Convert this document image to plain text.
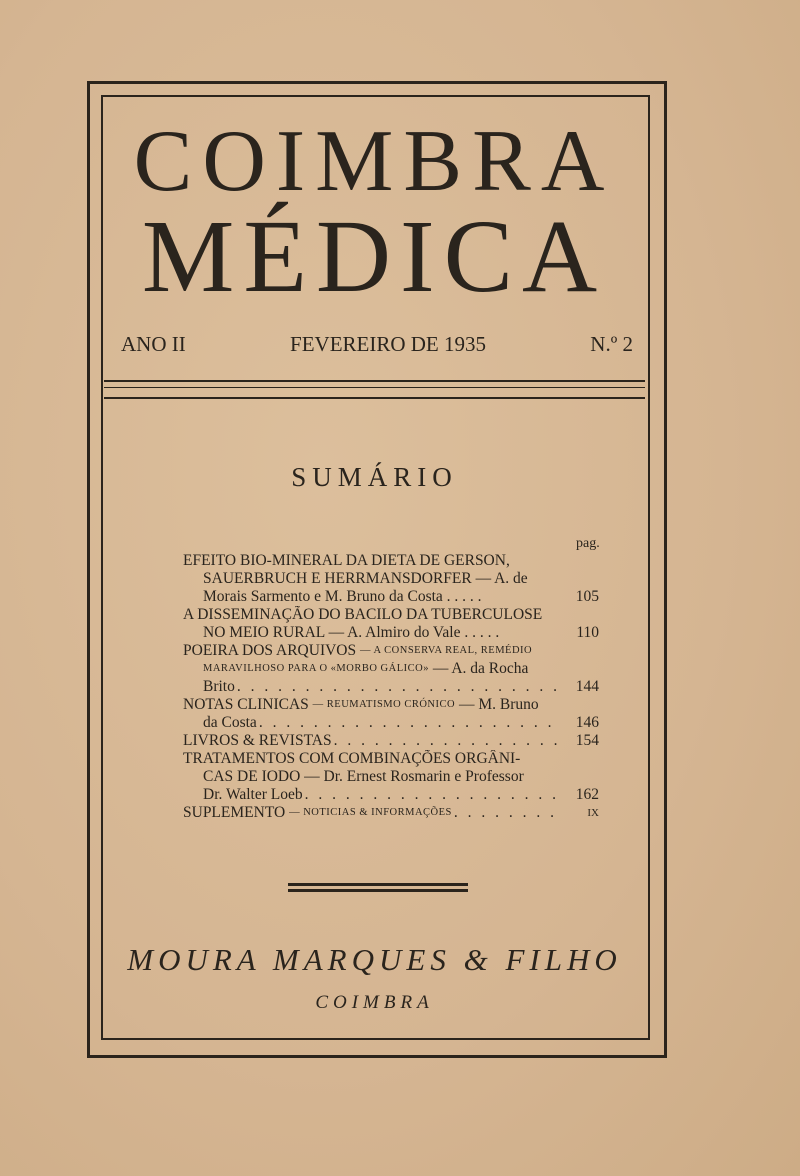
COIMBRA
MÉDICA
ANO II	FEVEREIRO DE 1935	N.º 2
SUMÁRIO
pag.
EFEITO BIO-MINERAL DA DIETA DE GERSON,
SAUERBRUCH E HERRMANSDORFER — A. de
Morais Sarmento e M. Bruno da Costa . . . . .	105
A DISSEMINAÇÃO DO BACILO DA TUBERCULOSE
NO MEIO RURAL — A. Almiro do Vale . . . . .	110
POEIRA DOS ARQUIVOS
— A CONSERVA REAL, REMÉDIO
MARAVILHOSO PARA O «MORBO GÁLICO»
— A. da Rocha
Brito . . .	144
NOTAS CLINICAS
— REUMATISMO CRÓNICO
— M. Bruno
da Costa . . .	146
LIVROS & REVISTAS . . .	154
TRATAMENTOS COM COMBINAÇÕES ORGÂNI-
CAS DE IODO — Dr. Ernest Rosmarin e Professor
Dr. Walter Loeb . . .	162
SUPLEMENTO
— NOTICIAS & INFORMAÇÕES . . .	IX
MOURA MARQUES & FILHO
COIMBRA
